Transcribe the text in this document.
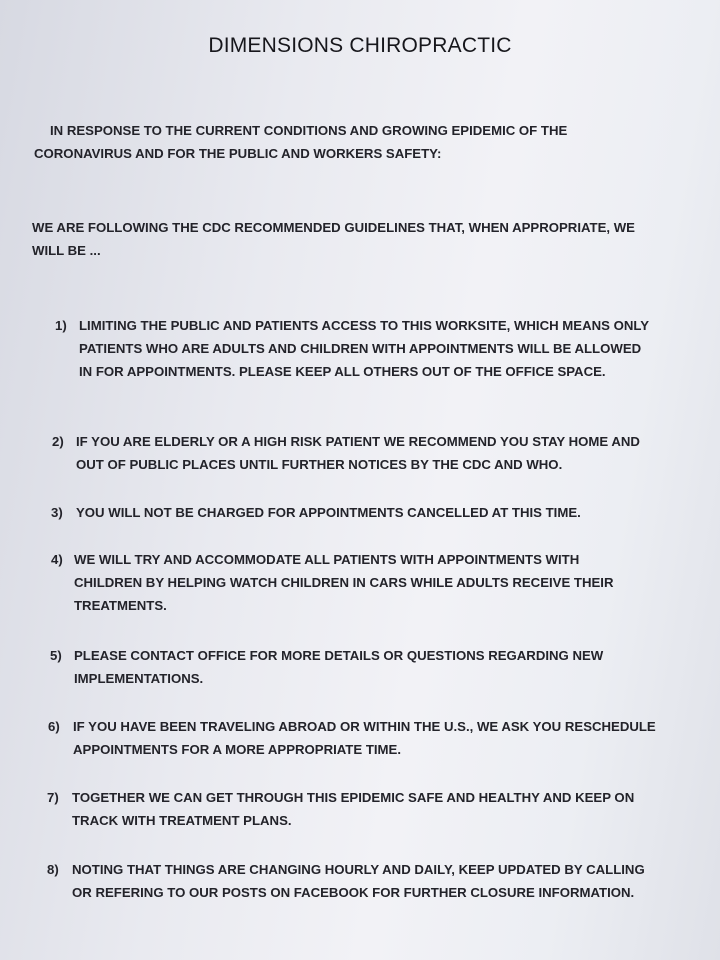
DIMENSIONS CHIROPRACTIC

IN RESPONSE TO THE CURRENT CONDITIONS AND GROWING EPIDEMIC OF THE
CORONAVIRUS AND FOR THE PUBLIC AND WORKERS SAFETY:

WE ARE FOLLOWING THE CDC RECOMMENDED GUIDELINES THAT, WHEN APPROPRIATE, WE
WILL BE ...

1) LIMITING THE PUBLIC AND PATIENTS ACCESS TO THIS WORKSITE, WHICH MEANS ONLY
PATIENTS WHO ARE ADULTS AND CHILDREN WITH APPOINTMENTS WILL BE ALLOWED
IN FOR APPOINTMENTS. PLEASE KEEP ALL OTHERS OUT OF THE OFFICE SPACE.
2) IF YOU ARE ELDERLY OR A HIGH RISK PATIENT WE RECOMMEND YOU STAY HOME AND
OUT OF PUBLIC PLACES UNTIL FURTHER NOTICES BY THE CDC AND WHO.
3) YOU WILL NOT BE CHARGED FOR APPOINTMENTS CANCELLED AT THIS TIME.
4) WE WILL TRY AND ACCOMMODATE ALL PATIENTS WITH APPOINTMENTS WITH
CHILDREN BY HELPING WATCH CHILDREN IN CARS WHILE ADULTS RECEIVE THEIR
TREATMENTS.
5) PLEASE CONTACT OFFICE FOR MORE DETAILS OR QUESTIONS REGARDING NEW
IMPLEMENTATIONS.
6) IF YOU HAVE BEEN TRAVELING ABROAD OR WITHIN THE U.S., WE ASK YOU RESCHEDULE
APPOINTMENTS FOR A MORE APPROPRIATE TIME.
7) TOGETHER WE CAN GET THROUGH THIS EPIDEMIC SAFE AND HEALTHY AND KEEP ON
TRACK WITH TREATMENT PLANS.
8) NOTING THAT THINGS ARE CHANGING HOURLY AND DAILY, KEEP UPDATED BY CALLING
OR REFERING TO OUR POSTS ON FACEBOOK FOR FURTHER CLOSURE INFORMATION.
